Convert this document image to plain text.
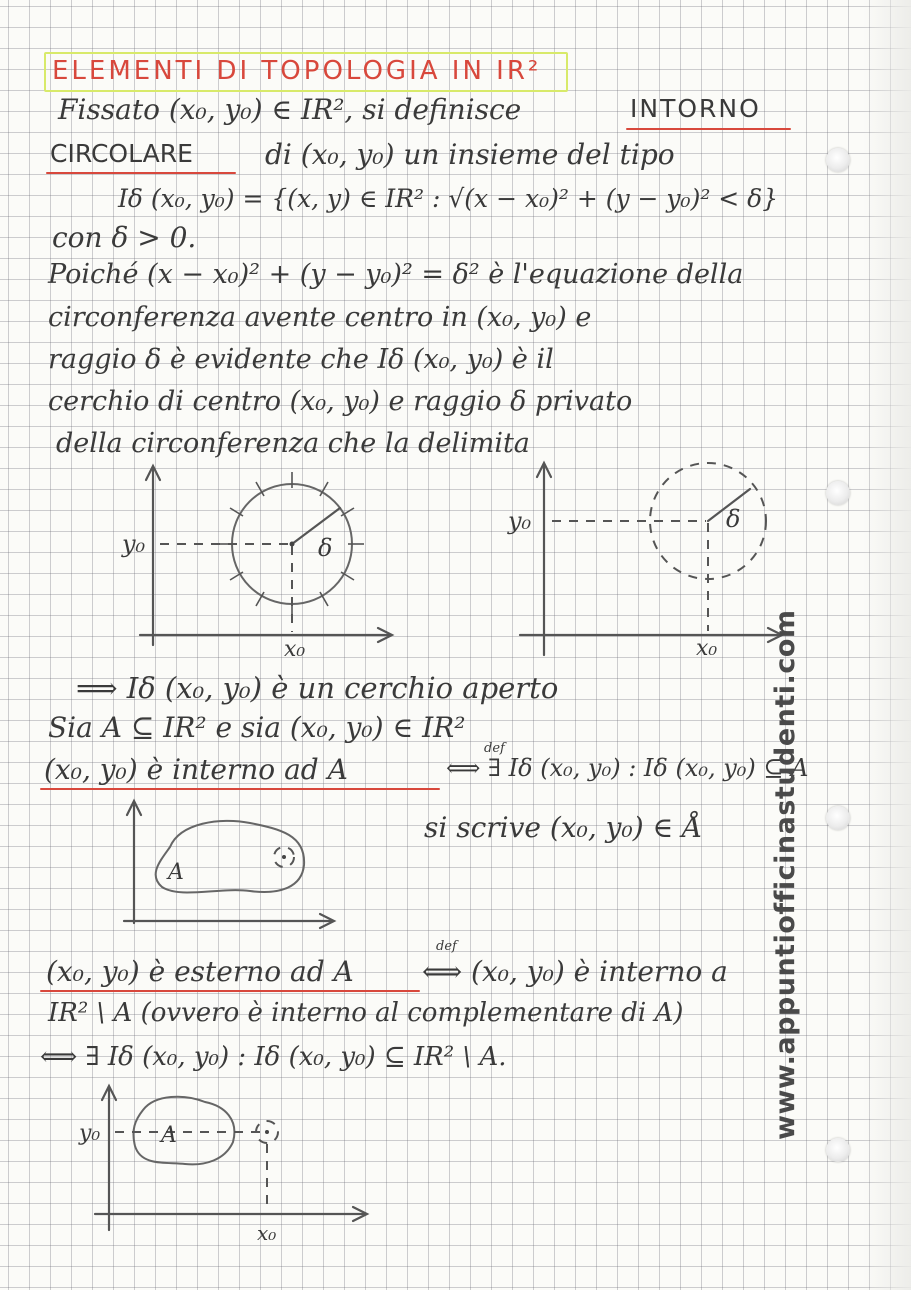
ELEMENTI DI TOPOLOGIA IN IR²
Fissato (x₀, y₀) ∈ IR², si definisce	INTORNO
CIRCOLARE	di (x₀, y₀) un insieme del tipo
Iδ (x₀, y₀) = {(x, y) ∈ IR² : √(x − x₀)² + (y − y₀)² < δ}
con δ > 0.
Poiché (x − x₀)² + (y − y₀)² = δ² è l'equazione della
circonferenza avente centro in (x₀, y₀) e
raggio δ è evidente che Iδ (x₀, y₀) è il
cerchio di centro (x₀, y₀) e raggio δ privato
della circonferenza che la delimita
y₀
x₀
δ
y₀
x₀
δ
⟹ Iδ (x₀, y₀) è un cerchio aperto
Sia A ⊆ IR² e sia (x₀, y₀) ∈ IR²
(x₀, y₀) è interno ad A
def
⟺ ∃ Iδ (x₀, y₀) : Iδ (x₀, y₀) ⊆ A
si scrive (x₀, y₀) ∈ Å
A
(x₀, y₀) è esterno ad A
def
⟺ (x₀, y₀) è interno a
IR² \ A (ovvero è interno al complementare di A)
⟺ ∃ Iδ (x₀, y₀) : Iδ (x₀, y₀) ⊆ IR² \ A.
y₀
x₀
A	www.appuntiofficinastudenti.com
